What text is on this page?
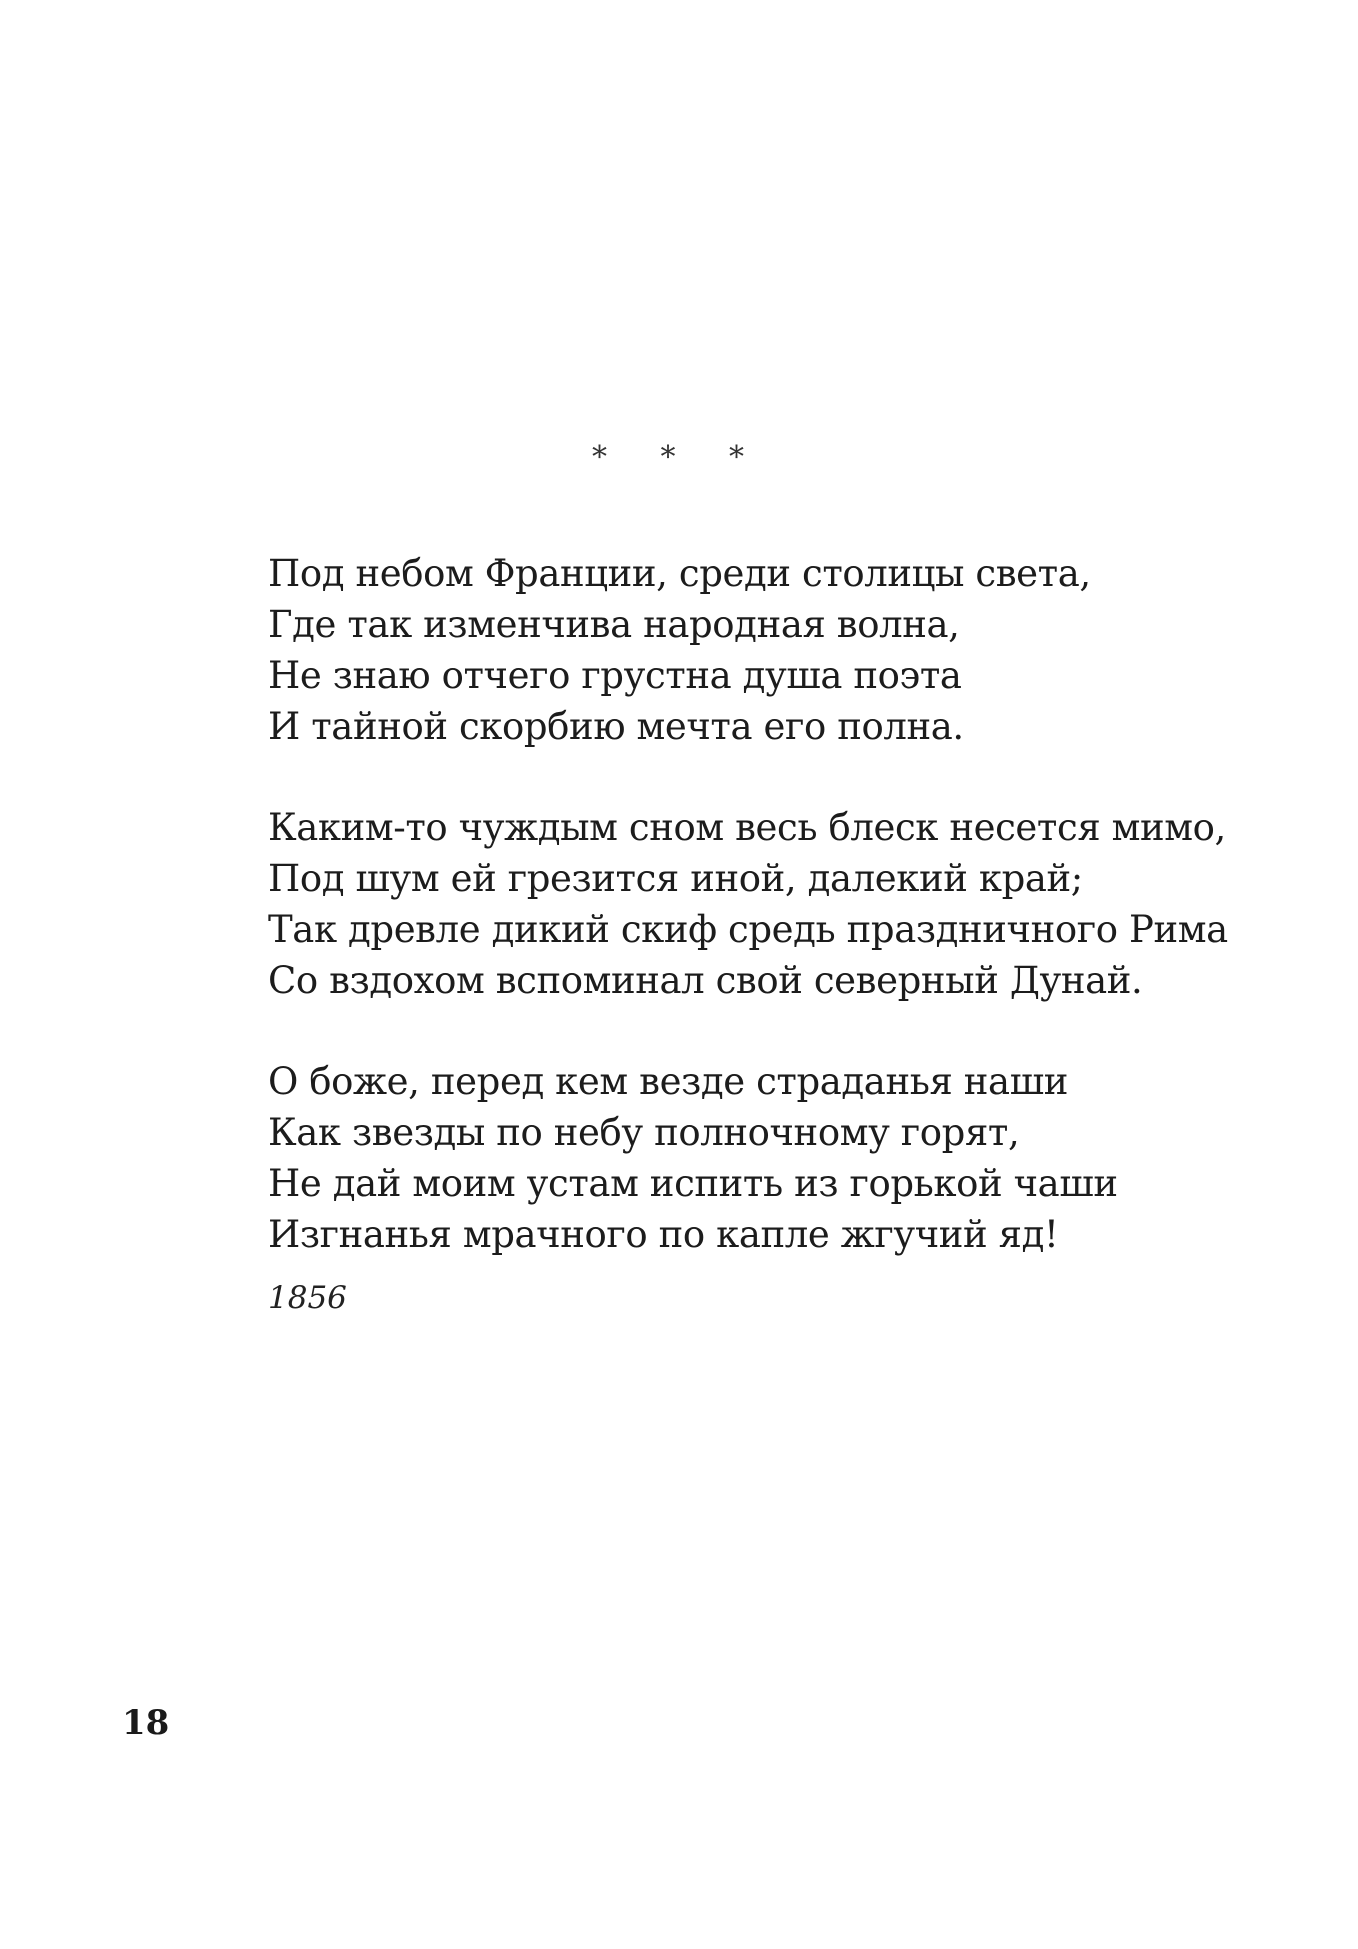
* * *
Под небом Франции, среди столицы света,
Где так изменчива народная волна,
Не знаю отчего грустна душа поэта
И тайной скорбию мечта его полна.
Каким-то чуждым сном весь блеск несется мимо,
Под шум ей грезится иной, далекий край;
Так древле дикий скиф средь праздничного Рима
Со вздохом вспоминал свой северный Дунай.
О боже, перед кем везде страданья наши
Как звезды по небу полночному горят,
Не дай моим устам испить из горькой чаши
Изгнанья мрачного по капле жгучий яд!
1856
18
